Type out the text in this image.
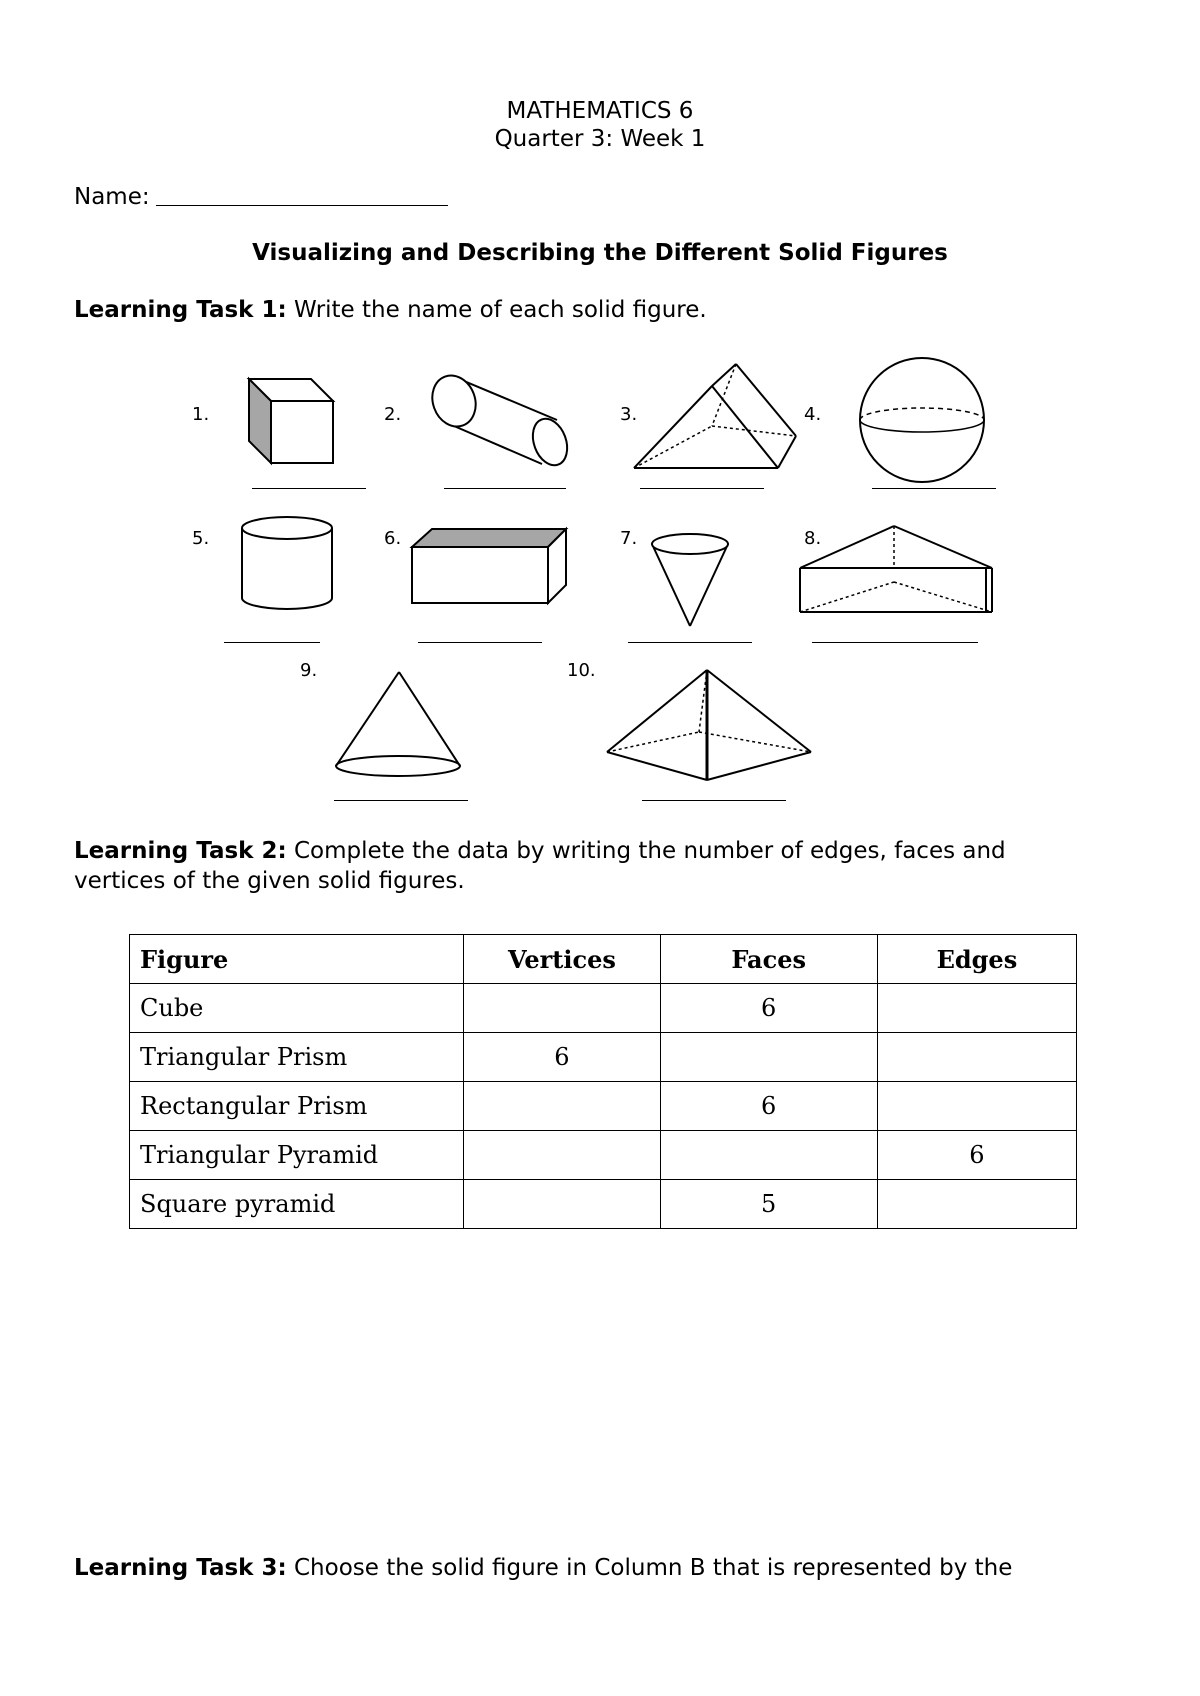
MATHEMATICS 6
Quarter 3: Week 1
Name:
Visualizing and Describing the Different Solid Figures
Learning Task 1: Write the name of each solid figure.
1.	2.	3.	4.
5.	6.	7.	8.
9.	10.
Learning Task 2: Complete the data by writing the number of edges, faces and
vertices of the given solid figures.
Figure	Vertices	Faces	Edges
Cube		6	
Triangular Prism	6		
Rectangular Prism		6	
Triangular Pyramid			6
Square pyramid		5	
Learning Task 3: Choose the solid figure in Column B that is represented by the
